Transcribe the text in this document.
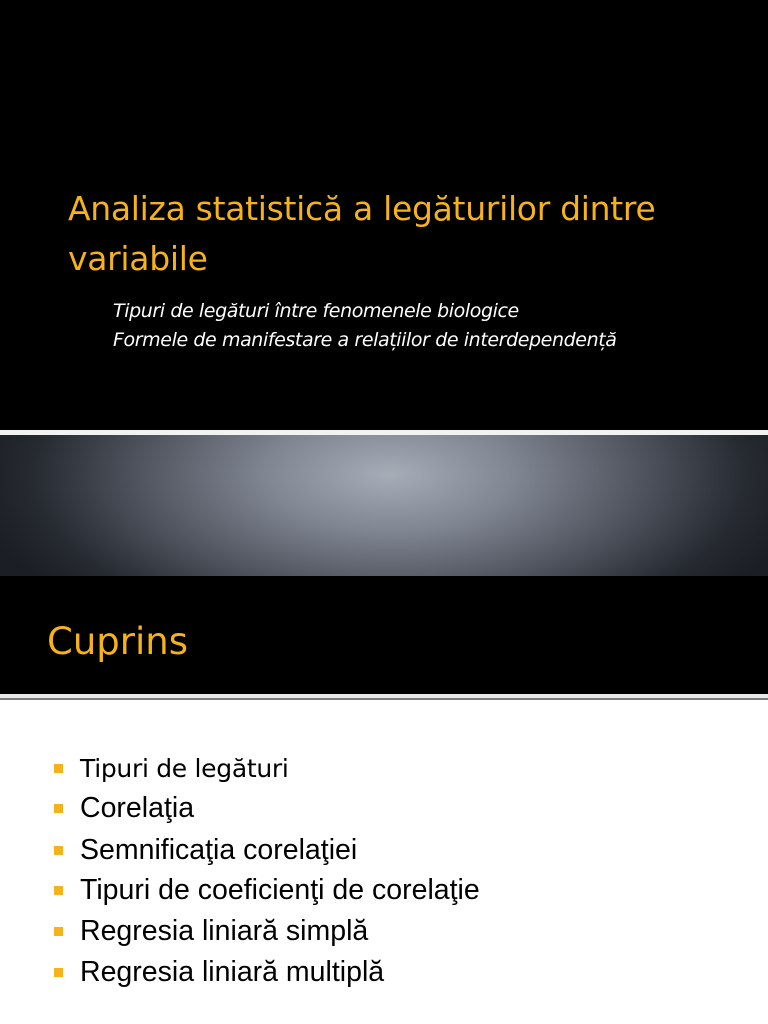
Analiza statistică a legăturilor dintre variabile
Tipuri de legături între fenomenele biologice
Formele de manifestare a relațiilor de interdependență
Cuprins
Tipuri de legături
Corelaţia
Semnificaţia corelaţiei
Tipuri de coeficienţi de corelaţie
Regresia liniară simplă
Regresia liniară multiplă
